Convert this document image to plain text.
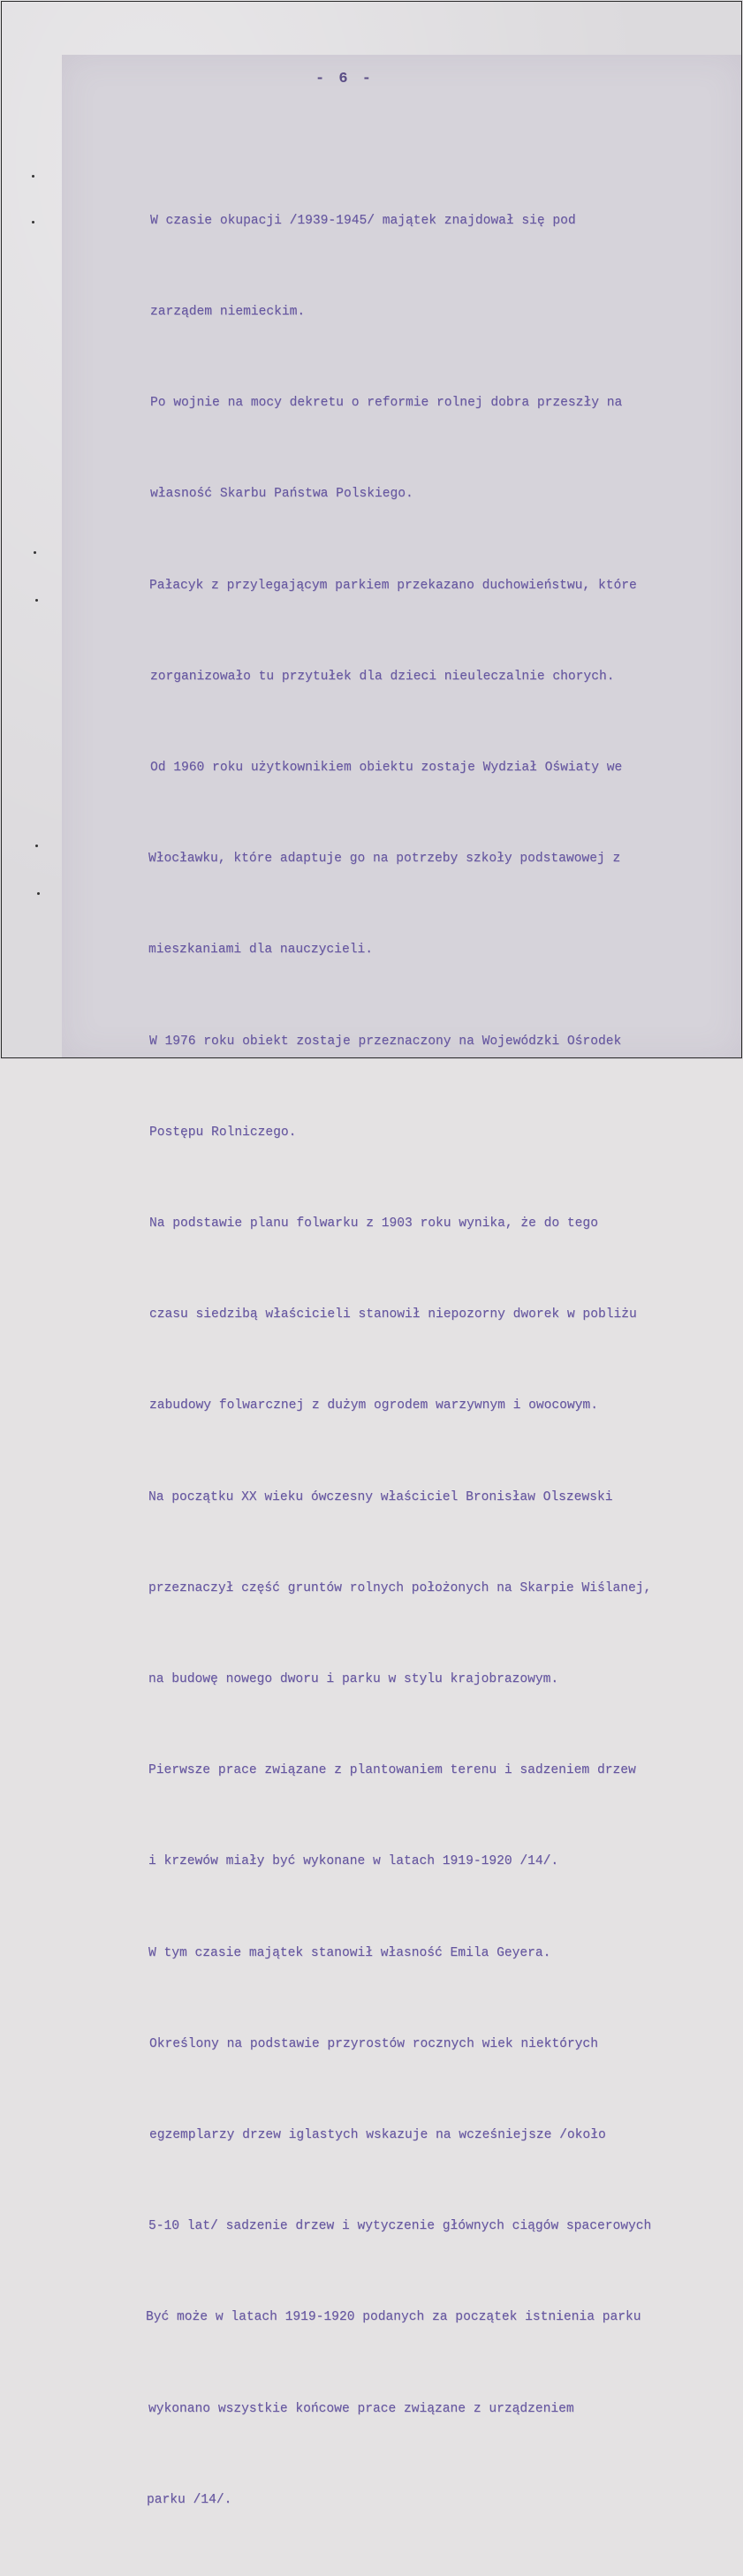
- 6 -

W czasie okupacji /1939-1945/ majątek znajdował się pod

zarządem niemieckim.

Po wojnie na mocy dekretu o reformie rolnej dobra przeszły na

własność Skarbu Państwa Polskiego.

Pałacyk z przylegającym parkiem przekazano duchowieństwu, które

zorganizowało tu przytułek dla dzieci nieuleczalnie chorych.

Od 1960 roku użytkownikiem obiektu zostaje Wydział Oświaty we

Włocławku, które adaptuje go na potrzeby szkoły podstawowej z

mieszkaniami dla nauczycieli.

W 1976 roku obiekt zostaje przeznaczony na Wojewódzki Ośrodek

Postępu Rolniczego.

Na podstawie planu folwarku z 1903 roku wynika, że do tego

czasu siedzibą właścicieli stanowił niepozorny dworek w pobliżu

zabudowy folwarcznej z dużym ogrodem warzywnym i owocowym.

Na początku XX wieku ówczesny właściciel Bronisław Olszewski

przeznaczył część gruntów rolnych położonych na Skarpie Wiślanej,

na budowę nowego dworu i parku w stylu krajobrazowym.

Pierwsze prace związane z plantowaniem terenu i sadzeniem drzew

i krzewów miały być wykonane w latach 1919-1920 /14/.

W tym czasie majątek stanowił własność Emila Geyera.

Określony na podstawie przyrostów rocznych wiek niektórych

egzemplarzy drzew iglastych wskazuje na wcześniejsze /około

5-10 lat/ sadzenie drzew i wytyczenie głównych ciągów spacerowych

Być może w latach 1919-1920 podanych za początek istnienia parku

wykonano wszystkie końcowe prace związane z urządzeniem

parku /14/.
